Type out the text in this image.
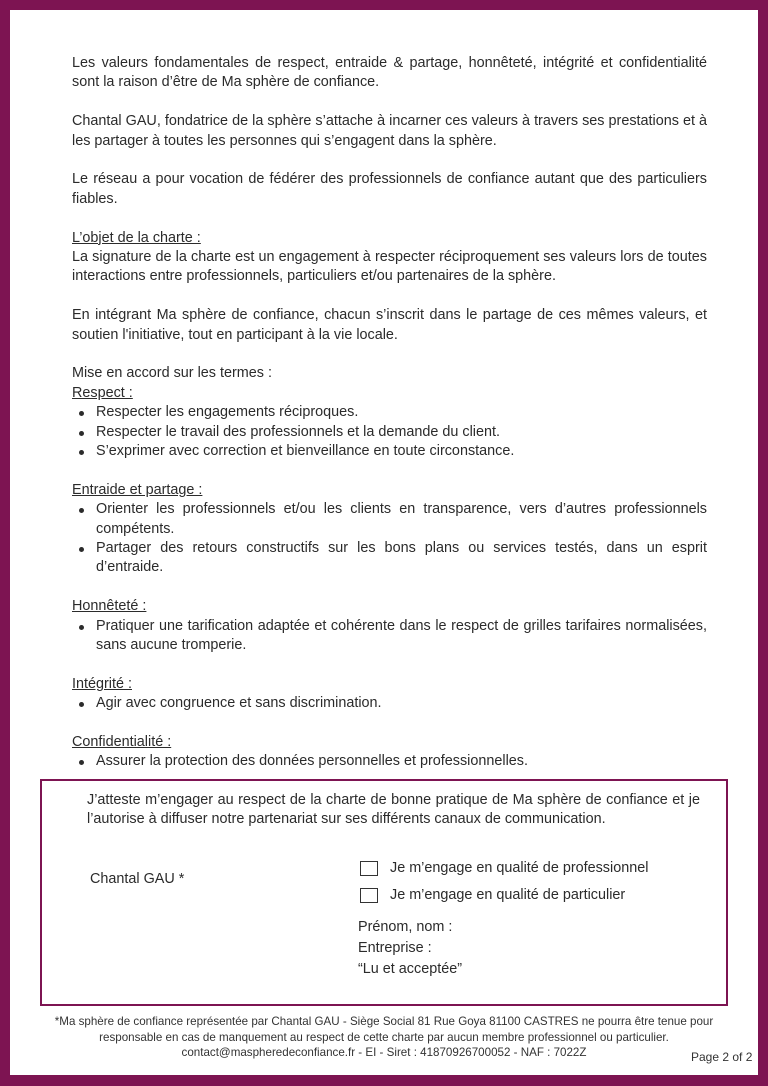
Les valeurs fondamentales de respect, entraide & partage, honnêteté, intégrité et confidentialité sont la raison d’être de Ma sphère de confiance.

Chantal GAU, fondatrice de la sphère s’attache à incarner ces valeurs à travers ses prestations et à les partager à toutes les personnes qui s’engagent dans la sphère.

Le réseau a pour vocation de fédérer des professionnels de confiance autant que des particuliers fiables.

L’objet de la charte :
La signature de la charte est un engagement à respecter réciproquement ses valeurs lors de toutes interactions entre professionnels, particuliers et/ou partenaires de la sphère.

En intégrant Ma sphère de confiance, chacun s’inscrit dans le partage de ces mêmes valeurs, et soutien l'initiative, tout en participant à la vie locale.

Mise en accord sur les termes :
Respect :
Respecter les engagements réciproques.
Respecter le travail des professionnels et la demande du client.
S’exprimer avec correction et bienveillance en toute circonstance.
Entraide et partage :
Orienter les professionnels et/ou les clients en transparence, vers d’autres professionnels compétents.
Partager des retours constructifs sur les bons plans ou services testés, dans un esprit d’entraide.
Honnêteté :
Pratiquer une tarification adaptée et cohérente dans le respect de grilles tarifaires normalisées, sans aucune tromperie.
Intégrité :
Agir avec congruence et sans discrimination.
Confidentialité :
Assurer la protection des données personnelles et professionnelles.

J’atteste m’engager au respect de la charte de bonne pratique de Ma sphère de confiance et je l’autorise à diffuser notre partenariat sur ses différents canaux de communication.

Chantal GAU *
Je m’engage en qualité de professionnel
Je m’engage en qualité de particulier
Prénom, nom :
Entreprise :
“Lu et acceptée”
*Ma sphère de confiance représentée par Chantal GAU - Siège Social 81 Rue Goya 81100 CASTRES ne pourra être tenue pour
responsable en cas de manquement au respect de cette charte par aucun membre professionnel ou particulier.
contact@maspheredeconfiance.fr - EI - Siret : 41870926700052 - NAF : 7022Z	Page 2 of 2
